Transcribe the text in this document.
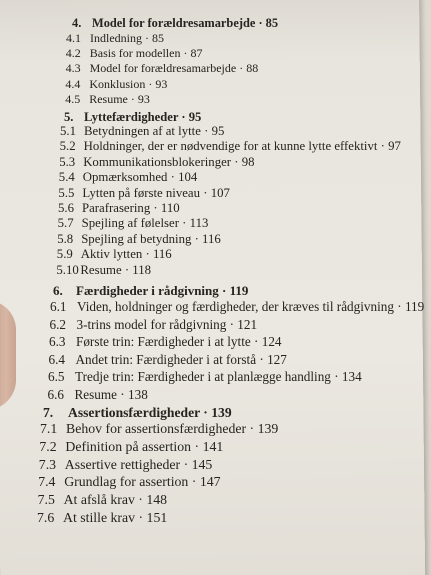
4. Model for forældresamarbejde · 85
4.1 Indledning · 85
4.2 Basis for modellen · 87
4.3 Model for forældresamarbejde · 88
4.4 Konklusion · 93
4.5 Resume · 93
5. Lyttefærdigheder · 95
5.1 Betydningen af at lytte · 95
5.2 Holdninger, der er nødvendige for at kunne lytte effektivt · 97
5.3 Kommunikationsblokeringer · 98
5.4 Opmærksomhed · 104
5.5 Lytten på første niveau · 107
5.6 Parafrasering · 110
5.7 Spejling af følelser · 113
5.8 Spejling af betydning · 116
5.9 Aktiv lytten · 116
5.10 Resume · 118
6. Færdigheder i rådgivning · 119
6.1 Viden, holdninger og færdigheder, der kræves til rådgivning · 119
6.2 3-trins model for rådgivning · 121
6.3 Første trin: Færdigheder i at lytte · 124
6.4 Andet trin: Færdigheder i at forstå · 127
6.5 Tredje trin: Færdigheder i at planlægge handling · 134
6.6 Resume · 138
7. Assertionsfærdigheder · 139
7.1 Behov for assertionsfærdigheder · 139
7.2 Definition på assertion · 141
7.3 Assertive rettigheder · 145
7.4 Grundlag for assertion · 147
7.5 At afslå krav · 148
7.6 At stille krav · 151
